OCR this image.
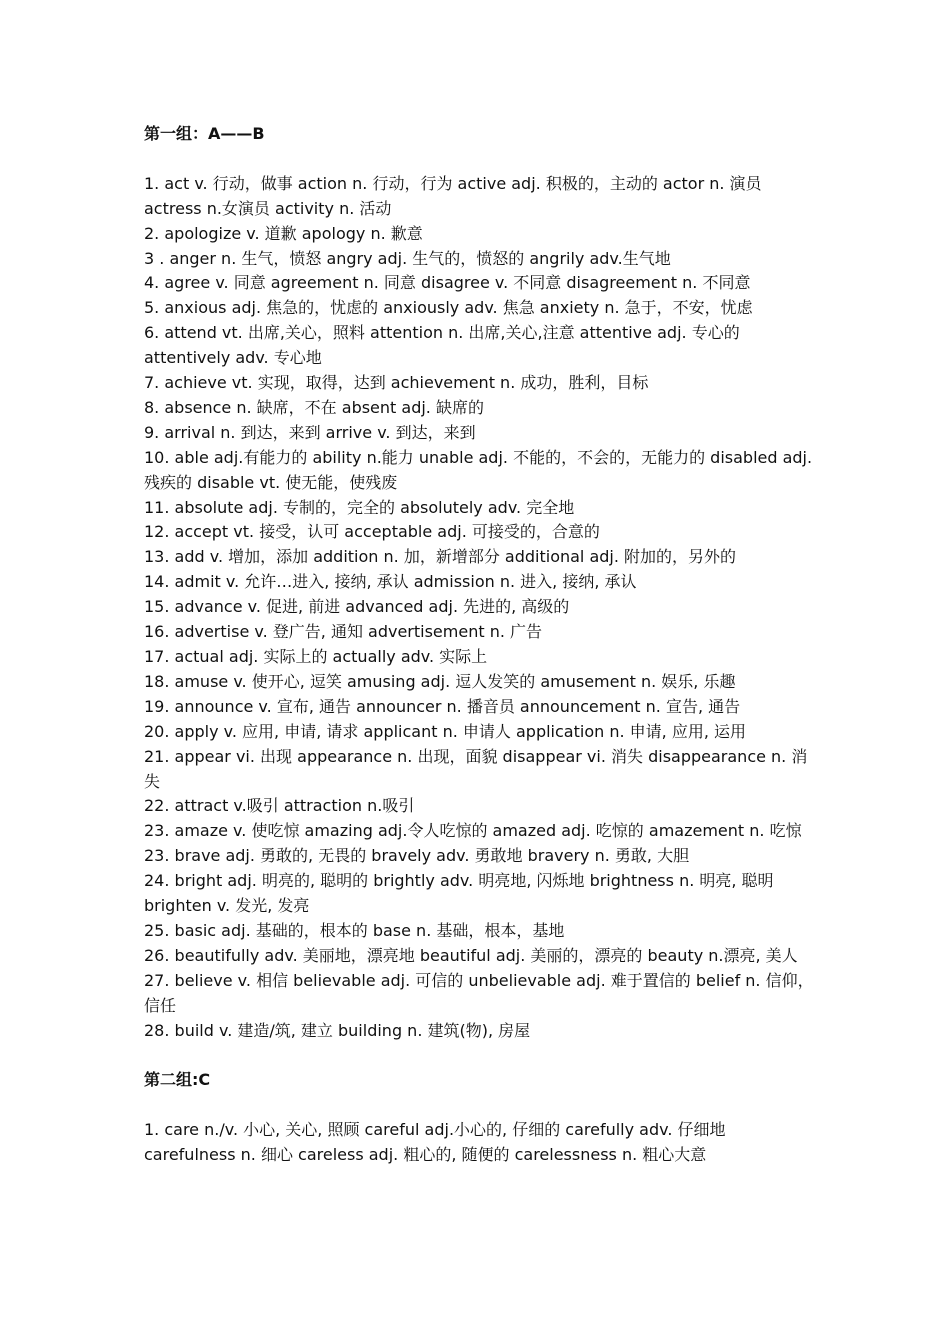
第一组：A——B

1. act v. 行动，做事 action n. 行动，行为 active adj. 积极的，主动的 actor n. 演员 actress n.女演员 activity n. 活动

2. apologize v. 道歉 apology n. 歉意

3 . anger n. 生气，愤怒 angry adj. 生气的，愤怒的 angrily adv.生气地

4. agree v. 同意 agreement n. 同意 disagree v. 不同意 disagreement n. 不同意

5. anxious adj. 焦急的，忧虑的 anxiously adv. 焦急 anxiety n. 急于，不安，忧虑

6. attend vt. 出席,关心，照料 attention n. 出席,关心,注意 attentive adj. 专心的 attentively adv. 专心地

7. achieve vt. 实现，取得，达到 achievement n. 成功，胜利，目标

8. absence n. 缺席，不在 absent adj. 缺席的

9. arrival n. 到达，来到 arrive v. 到达，来到

10. able adj.有能力的 ability n.能力 unable adj. 不能的，不会的，无能力的 disabled adj. 残疾的 disable vt. 使无能，使残废

11. absolute adj. 专制的，完全的 absolutely adv. 完全地

12. accept vt. 接受，认可 acceptable adj. 可接受的，合意的

13. add v. 增加，添加 addition n. 加，新增部分 additional adj. 附加的，另外的

14. admit v. 允许…进入, 接纳, 承认 admission n. 进入, 接纳, 承认

15. advance v. 促进, 前进 advanced adj. 先进的, 高级的

16. advertise v. 登广告, 通知 advertisement n. 广告

17. actual adj. 实际上的 actually adv. 实际上

18. amuse v. 使开心, 逗笑 amusing adj. 逗人发笑的 amusement n. 娱乐, 乐趣

19. announce v. 宣布, 通告 announcer n. 播音员 announcement n. 宣告, 通告

20. apply v. 应用, 申请, 请求 applicant n. 申请人 application n. 申请, 应用, 运用

21. appear vi. 出现 appearance n. 出现，面貌 disappear vi. 消失 disappearance n. 消失

22. attract v.吸引 attraction n.吸引

23. amaze v. 使吃惊 amazing adj.令人吃惊的 amazed adj. 吃惊的 amazement n. 吃惊

23. brave adj. 勇敢的, 无畏的 bravely adv. 勇敢地 bravery n. 勇敢, 大胆

24. bright adj. 明亮的, 聪明的 brightly adv. 明亮地, 闪烁地 brightness n. 明亮, 聪明 brighten v. 发光, 发亮

25. basic adj. 基础的，根本的 base n. 基础，根本，基地

26. beautifully adv. 美丽地，漂亮地 beautiful adj. 美丽的，漂亮的 beauty n.漂亮, 美人

27. believe v. 相信 believable adj. 可信的 unbelievable adj. 难于置信的 belief n. 信仰，信任

28. build v. 建造/筑, 建立 building n. 建筑(物), 房屋

第二组:C

1. care n./v. 小心, 关心, 照顾 careful adj.小心的, 仔细的 carefully adv. 仔细地 carefulness n. 细心 careless adj. 粗心的, 随便的 carelessness n. 粗心大意
